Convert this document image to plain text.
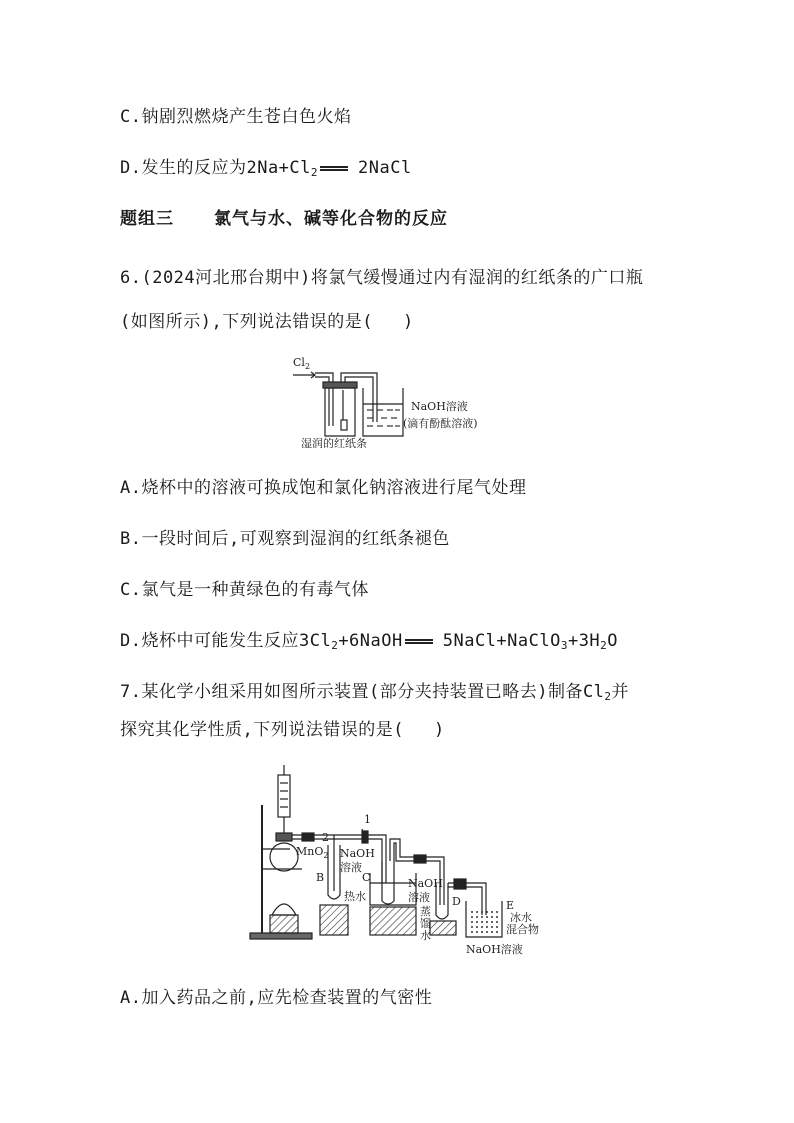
C.钠剧烈燃烧产生苍白色火焰
D.发生的反应为$2Na+Cl_2$ 2NaCl
题组三 氯气与水、碱等化合物的反应
6.(2024河北邢台期中)将氯气缓慢通过内有湿润的红纸条的广口瓶
(如图所示),下列说法错误的是( )
$Cl_2$
NaOH溶液
(滴有酚酞溶液)
湿润的红纸条
A.烧杯中的溶液可换成饱和氯化钠溶液进行尾气处理
B.一段时间后,可观察到湿润的红纸条褪色
C.氯气是一种黄绿色的有毒气体
D.烧杯中可能发生反应$3Cl_2+6NaOH$ $5NaCl+NaClO_3+3H_2O$
7.某化学小组采用如图所示装置(部分夹持装置已略去)制备$Cl_2$并
探究其化学性质,下列说法错误的是( )
1
2
MnO$_2$ NaOH
溶液
B
热水
C	NaOH
溶液
蒸
馏
水
D	E
冰水
混合物
NaOH溶液
A.加入药品之前,应先检查装置的气密性
